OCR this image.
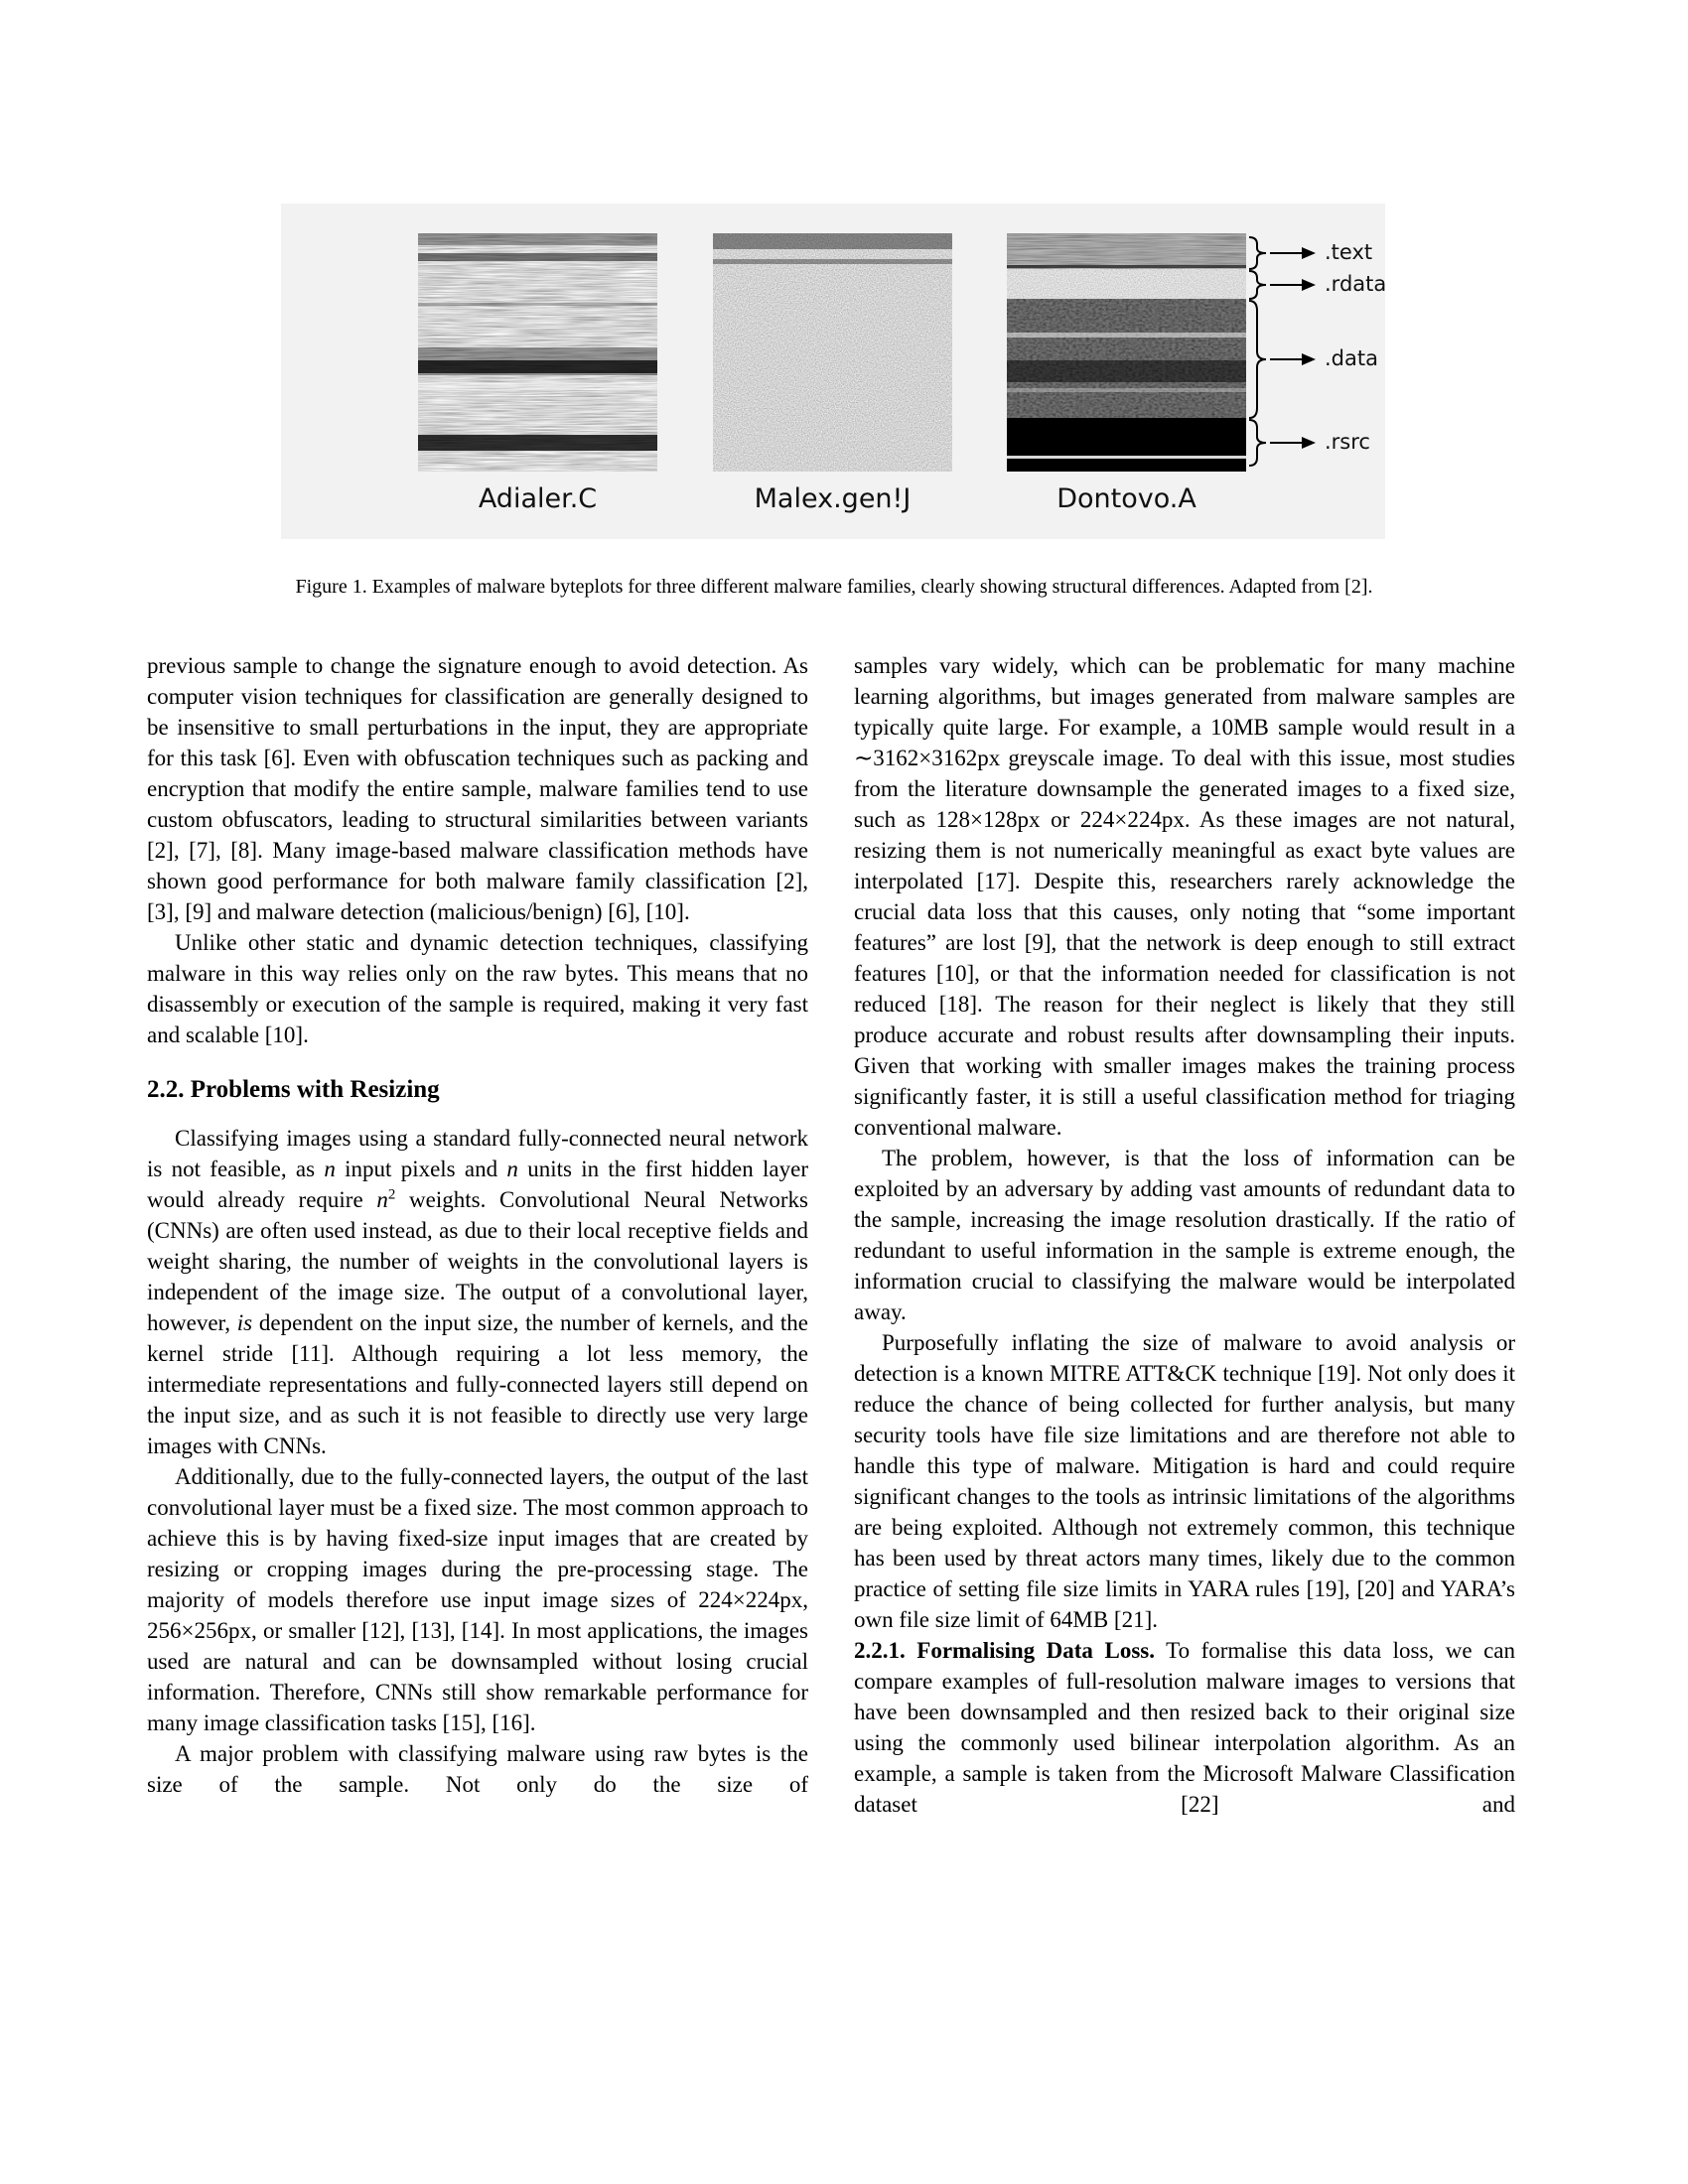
Adialer.C	Malex.gen!J	Dontovo.A
.text
.rdata
.data
.rsrc
Figure 1. Examples of malware byteplots for three different malware families, clearly showing structural differences. Adapted from [2].

previous sample to change the signature enough to avoid detection. As computer vision techniques for classification are generally designed to be insensitive to small perturbations in the input, they are appropriate for this task [6]. Even with obfuscation techniques such as packing and encryption that modify the entire sample, malware families tend to use custom obfuscators, leading to structural similarities between variants [2], [7], [8]. Many image-based malware classification methods have shown good performance for both malware family classification [2], [3], [9] and malware detection (malicious/benign) [6], [10].

Unlike other static and dynamic detection techniques, classifying malware in this way relies only on the raw bytes. This means that no disassembly or execution of the sample is required, making it very fast and scalable [10].

2.2. Problems with Resizing

Classifying images using a standard fully-connected neural network is not feasible, as n input pixels and n units in the first hidden layer would already require $n^2$ weights. Convolutional Neural Networks (CNNs) are often used instead, as due to their local receptive fields and weight sharing, the number of weights in the convolutional layers is independent of the image size. The output of a convolutional layer, however, is dependent on the input size, the number of kernels, and the kernel stride [11]. Although requiring a lot less memory, the intermediate representations and fully-connected layers still depend on the input size, and as such it is not feasible to directly use very large images with CNNs.

Additionally, due to the fully-connected layers, the output of the last convolutional layer must be a fixed size. The most common approach to achieve this is by having fixed-size input images that are created by resizing or cropping images during the pre-processing stage. The majority of models therefore use input image sizes of 224×224px, 256×256px, or smaller [12], [13], [14]. In most applications, the images used are natural and can be downsampled without losing crucial information. Therefore, CNNs still show remarkable performance for many image classification tasks [15], [16].

A major problem with classifying malware using raw bytes is the size of the sample. Not only do the size of

samples vary widely, which can be problematic for many machine learning algorithms, but images generated from malware samples are typically quite large. For example, a 10MB sample would result in a ∼3162×3162px greyscale image. To deal with this issue, most studies from the literature downsample the generated images to a fixed size, such as 128×128px or 224×224px. As these images are not natural, resizing them is not numerically meaningful as exact byte values are interpolated [17]. Despite this, researchers rarely acknowledge the crucial data loss that this causes, only noting that “some important features” are lost [9], that the network is deep enough to still extract features [10], or that the information needed for classification is not reduced [18]. The reason for their neglect is likely that they still produce accurate and robust results after downsampling their inputs. Given that working with smaller images makes the training process significantly faster, it is still a useful classification method for triaging conventional malware.

The problem, however, is that the loss of information can be exploited by an adversary by adding vast amounts of redundant data to the sample, increasing the image resolution drastically. If the ratio of redundant to useful information in the sample is extreme enough, the information crucial to classifying the malware would be interpolated away.

Purposefully inflating the size of malware to avoid analysis or detection is a known MITRE ATT&CK technique [19]. Not only does it reduce the chance of being collected for further analysis, but many security tools have file size limitations and are therefore not able to handle this type of malware. Mitigation is hard and could require significant changes to the tools as intrinsic limitations of the algorithms are being exploited. Although not extremely common, this technique has been used by threat actors many times, likely due to the common practice of setting file size limits in YARA rules [19], [20] and YARA’s own file size limit of 64MB [21].

2.2.1. Formalising Data Loss. To formalise this data loss, we can compare examples of full-resolution malware images to versions that have been downsampled and then resized back to their original size using the commonly used bilinear interpolation algorithm. As an example, a sample is taken from the Microsoft Malware Classification dataset [22] and
